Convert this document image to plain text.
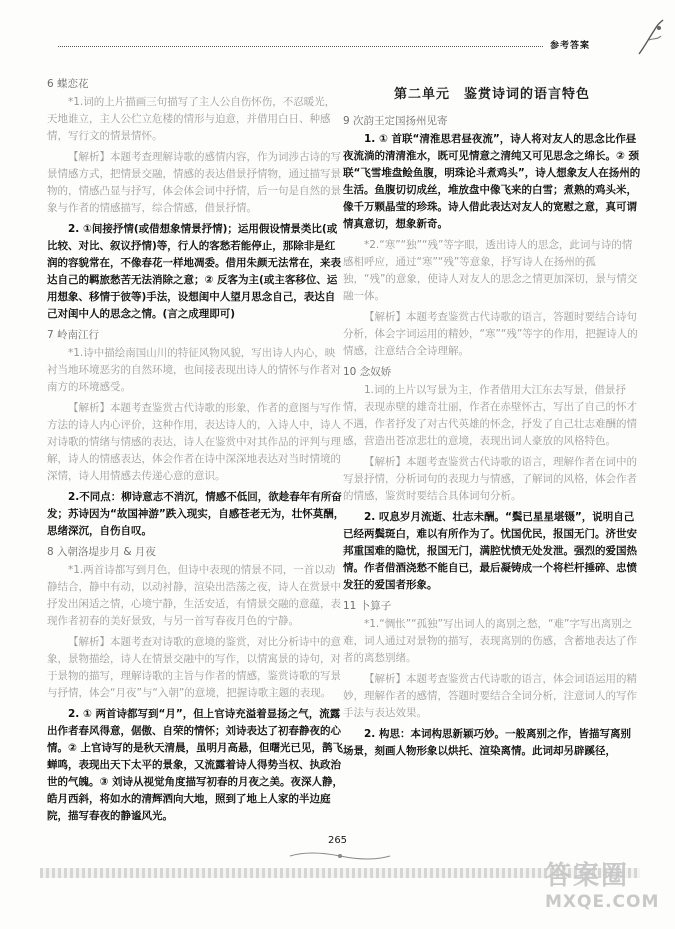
参考答案
6 蝶恋花

*1.词的上片描画三句描写了主人公自伤怀伤，不忍暖光，天地谁立，主人公伫立危楼的情形与迫意，并借用白日、种感情，写行文的情景情怀。

【解析】本题考查理解诗歌的感情内容，作为词涉古诗的写景情感方式，把情景交融，情感的表达借景抒情物，通过描写景物的，情感凸显与抒写，体会体会词中抒情，后一句是自然的景象与作者的情感描写，综合情感，借景抒情。

2. ①间接抒情(或借想象情景抒情)；运用假设情景类比(或比较、对比、叙议抒情)等，行人的客愁若能停止，那除非是红润的容貌常在，不像春花一样地凋委。借用朱颜无法常在，来表达自己的羁旅愁苦无法消除之意；② 反客为主(或主客移位、运用想象、移情于彼等)手法，设想闺中人望月思念自己，表达自己对闺中人的思念之情。(言之成理即可)

7 岭南江行

*1.诗中描绘南国山川的特征风物风貌，写出诗人内心，映衬当地环境恶劣的自然环境，也间接表现出诗人的情怀与作者对南方的环境感受。

【解析】本题考查鉴赏古代诗歌的形象，作者的意图与写作方法的诗人内心评价，这种作用，表达诗人的，入诗人中，诗人对诗歌的情绪与情感的表达，诗人在鉴赏中对其作品的评判与理解，诗人的情感表达，体会作者在诗中深深地表达对当时情境的深情，诗人用情感去传递心意的意识。

2.不同点：柳诗意志不消沉，情感不低回，欲趁春年有所奋发；苏诗因为“故国神游”跌入现实，自感苍老无为，壮怀莫酬，思绪深沉，自伤自叹。

8 入朝洛堤步月 & 月夜

*1.两首诗都写到月色，但诗中表现的情景不同，一首以动静结合，静中有动，以动衬静，渲染出浩荡之夜，诗人在赏景中抒发出闲适之情，心境宁静，生活安适，有情景交融的意蕴，表现作者初春的美好景致，与另一首写春夜月色的宁静。

【解析】本题考查对诗歌的意境的鉴赏，对比分析诗中的意象，景物描绘，诗人在情景交融中的写作，以情寓景的诗句，对于景物的描写，理解诗歌的主旨与作者的情感，鉴赏诗歌的写景与抒情，体会“月夜”与“入朝”的意境，把握诗歌主题的表现。

2. ① 两首诗都写到“月”，但上官诗充溢着显扬之气，流露出作者春风得意，倨傲、自荣的情怀；刘诗表达了初春静夜的心情。② 上官诗写的是秋天清晨，虽明月高悬，但曙光已见，鹊飞蝉鸣，表现出天下太平的景象，又流露着诗人得势当权、执政治世的气魄。③ 刘诗从视觉角度描写初春的月夜之美。夜深人静，皓月西斜，将如水的清辉洒向大地，照到了地上人家的半边庭院，描写春夜的静谧风光。

第二单元　鉴赏诗词的语言特色
9 次韵王定国扬州见寄

1. ① 首联“清淮思君昼夜流”，诗人将对友人的思念比作昼夜流淌的清清淮水，既可见情意之清纯又可见思念之绵长。② 颈联“飞雪堆盘鲙鱼腹，明珠论斗煮鸡头”，诗人想象友人在扬州的生活。鱼腹切切成丝，堆放盘中像飞来的白雪；煮熟的鸡头米，像千万颗晶莹的珍珠。诗人借此表达对友人的宽慰之意，真可谓情真意切，想象新奇。

*2.“寒”“独”“残”等字眼，透出诗人的思念，此词与诗的情感相呼应，通过“寒”“残”等意象，抒写诗人在扬州的孤独，“残”的意象，使诗人对友人的思念之情更加深切，景与情交融一体。

【解析】本题考查鉴赏古代诗歌的语言，答题时要结合诗句分析，体会字词运用的精妙，“寒”“残”等字的作用，把握诗人的情感，注意结合全诗理解。

10 念奴娇

1.词的上片以写景为主，作者借用大江东去写景，借景抒情，表现赤壁的雄奇壮丽，作者在赤壁怀古，写出了自己的怀才不遇，作者抒发了对古代英雄的怀念，抒发了自己壮志难酬的情感，营造出苍凉悲壮的意境，表现出词人豪放的风格特色。

【解析】本题考查鉴赏古代诗歌的语言，理解作者在词中的写景抒情，分析词句的表现力与情感，了解词的风格，体会作者的情感，鉴赏时要结合具体词句分析。

2. 叹息岁月流逝、壮志未酬。“鬓已星星堪镊”，说明自己已经两鬓斑白，难以有所作为了。忧国优民，报国无门。济世安邦重国难的隐忧，报国无门，满腔忧愤无处发泄。强烈的爱国热情。作者借酒浇愁不能自已，最后凝铸成一个将栏杆捶碎、忠愤发狂的爱国者形象。

11 卜算子

*1.“惆怅”“孤独”写出词人的离别之愁，“难”字写出离别之难，词人通过对景物的描写，表现离别的伤感，含蓄地表达了作者的离愁别绪。

【解析】本题考查鉴赏古代诗歌的语言，体会词语运用的精妙，理解作者的感情，答题时要结合全词分析，注意词人的写作手法与表达效果。

2. 构思：本词构思新颖巧妙。一般离别之作，皆描写离别场景，刻画人物形象以烘托、渲染离情。此词却另辟蹊径，

265
答案圈
MXQE.COM
